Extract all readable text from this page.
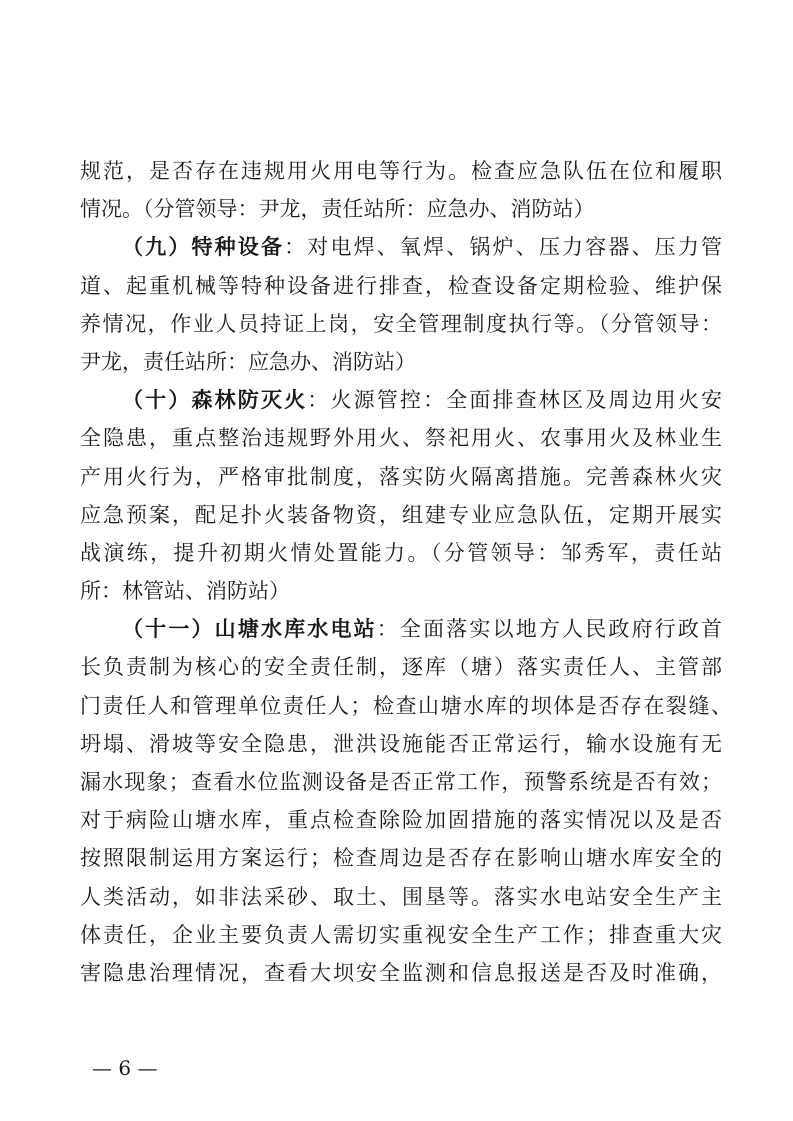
规范，是否存在违规用火用电等行为。检查应急队伍在位和履职
情况。（分管领导：尹龙，责任站所：应急办、消防站）
（九）特种设备：对电焊、氧焊、锅炉、压力容器、压力管
道、起重机械等特种设备进行排查，检查设备定期检验、维护保
养情况，作业人员持证上岗，安全管理制度执行等。（分管领导：
尹龙，责任站所：应急办、消防站）
（十）森林防灭火：火源管控：全面排查林区及周边用火安
全隐患，重点整治违规野外用火、祭祀用火、农事用火及林业生
产用火行为，严格审批制度，落实防火隔离措施。完善森林火灾
应急预案，配足扑火装备物资，组建专业应急队伍，定期开展实
战演练，提升初期火情处置能力。（分管领导：邹秀军，责任站
所：林管站、消防站）
（十一）山塘水库水电站：全面落实以地方人民政府行政首
长负责制为核心的安全责任制，逐库（塘）落实责任人、主管部
门责任人和管理单位责任人；检查山塘水库的坝体是否存在裂缝、
坍塌、滑坡等安全隐患，泄洪设施能否正常运行，输水设施有无
漏水现象；查看水位监测设备是否正常工作，预警系统是否有效；
对于病险山塘水库，重点检查除险加固措施的落实情况以及是否
按照限制运用方案运行；检查周边是否存在影响山塘水库安全的
人类活动，如非法采砂、取土、围垦等。落实水电站安全生产主
体责任，企业主要负责人需切实重视安全生产工作；排查重大灾
害隐患治理情况，查看大坝安全监测和信息报送是否及时准确，
— 6 —
